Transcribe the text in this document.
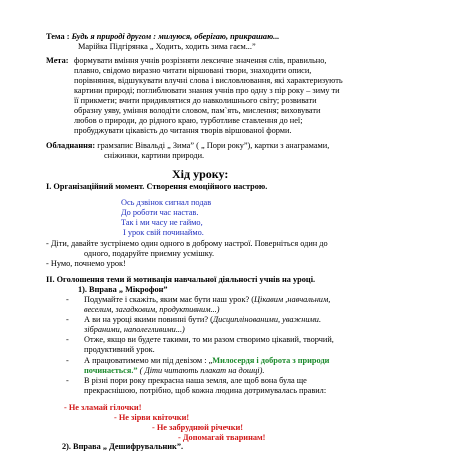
Тема : Будь я природі другом : милуюся, оберігаю, прикрашаю...
Марійка Підгірянка „ Ходить, ходить зима гаєм...”
Мета: формувати вміння учнів розрізняти лексичне значення слів, правильно,
плавно, свідомо виразно читати віршовані твори, знаходити описи,
порівняння, відшукувати влучні слова і висловлювання, які характеризують
картини природі; поглиблювати знання учнів про одну з пір року – зиму ти
її прикмети; вчити придивлятися до навколишнього світу; розвивати
образну уяву, уміння володіти словом, пам`ять, мислення; виховувати
любов о природи, до рідного краю, турботливе ставлення до неї;
пробуджувати цікавість до читання творів віршованої форми.
Обладнання: грамзапис Вівальді „ Зима” ( „ Пори року”), картки з анаграмами,
сніжинки, картини природи.
Хід уроку:
І. Організаційний момент. Створення емоційного настрою.
Ось дзвінок сигнал подав
До роботи час настав.
Так і ми часу не гаймо,
І урок свій починаймо.
- Діти, давайте зустрінемо один одного в доброму настрої. Поверніться один до
одного, подаруйте приємну усмішку.
- Нумо, почнемо урок!
ІІ. Оголошення теми й мотивація навчальної діяльності учнів на уроці.
1). Вправа „ Мікрофон”
- Подумайте і скажіть, яким має бути наш урок? (Цікавим ,навчальним,
веселим, загадковим, продуктивним...)
- А ви на уроці якими повинні бути? (Дисциплінованими, уважними.
зібраними, наполегливими...)
- Отже, якщо ви будете такими, то ми разом створимо цікавий, творчий,
продуктивний урок.
- А працюватимемо ми під девізом : „Милосердя і доброта з природи
починається.” ( Діти читають плакат на дошці).
- В різні пори року прекрасна наша земля, але щоб вона була ще
прекраснішою, потрібно, щоб кожна людина дотримувалась правил:
- Не зламай гілочки!
- Не зірви квіточки!
- Не забруднюй річечки!
- Допомагай тваринам!
2). Вправа „ Дешифрувальник”.
